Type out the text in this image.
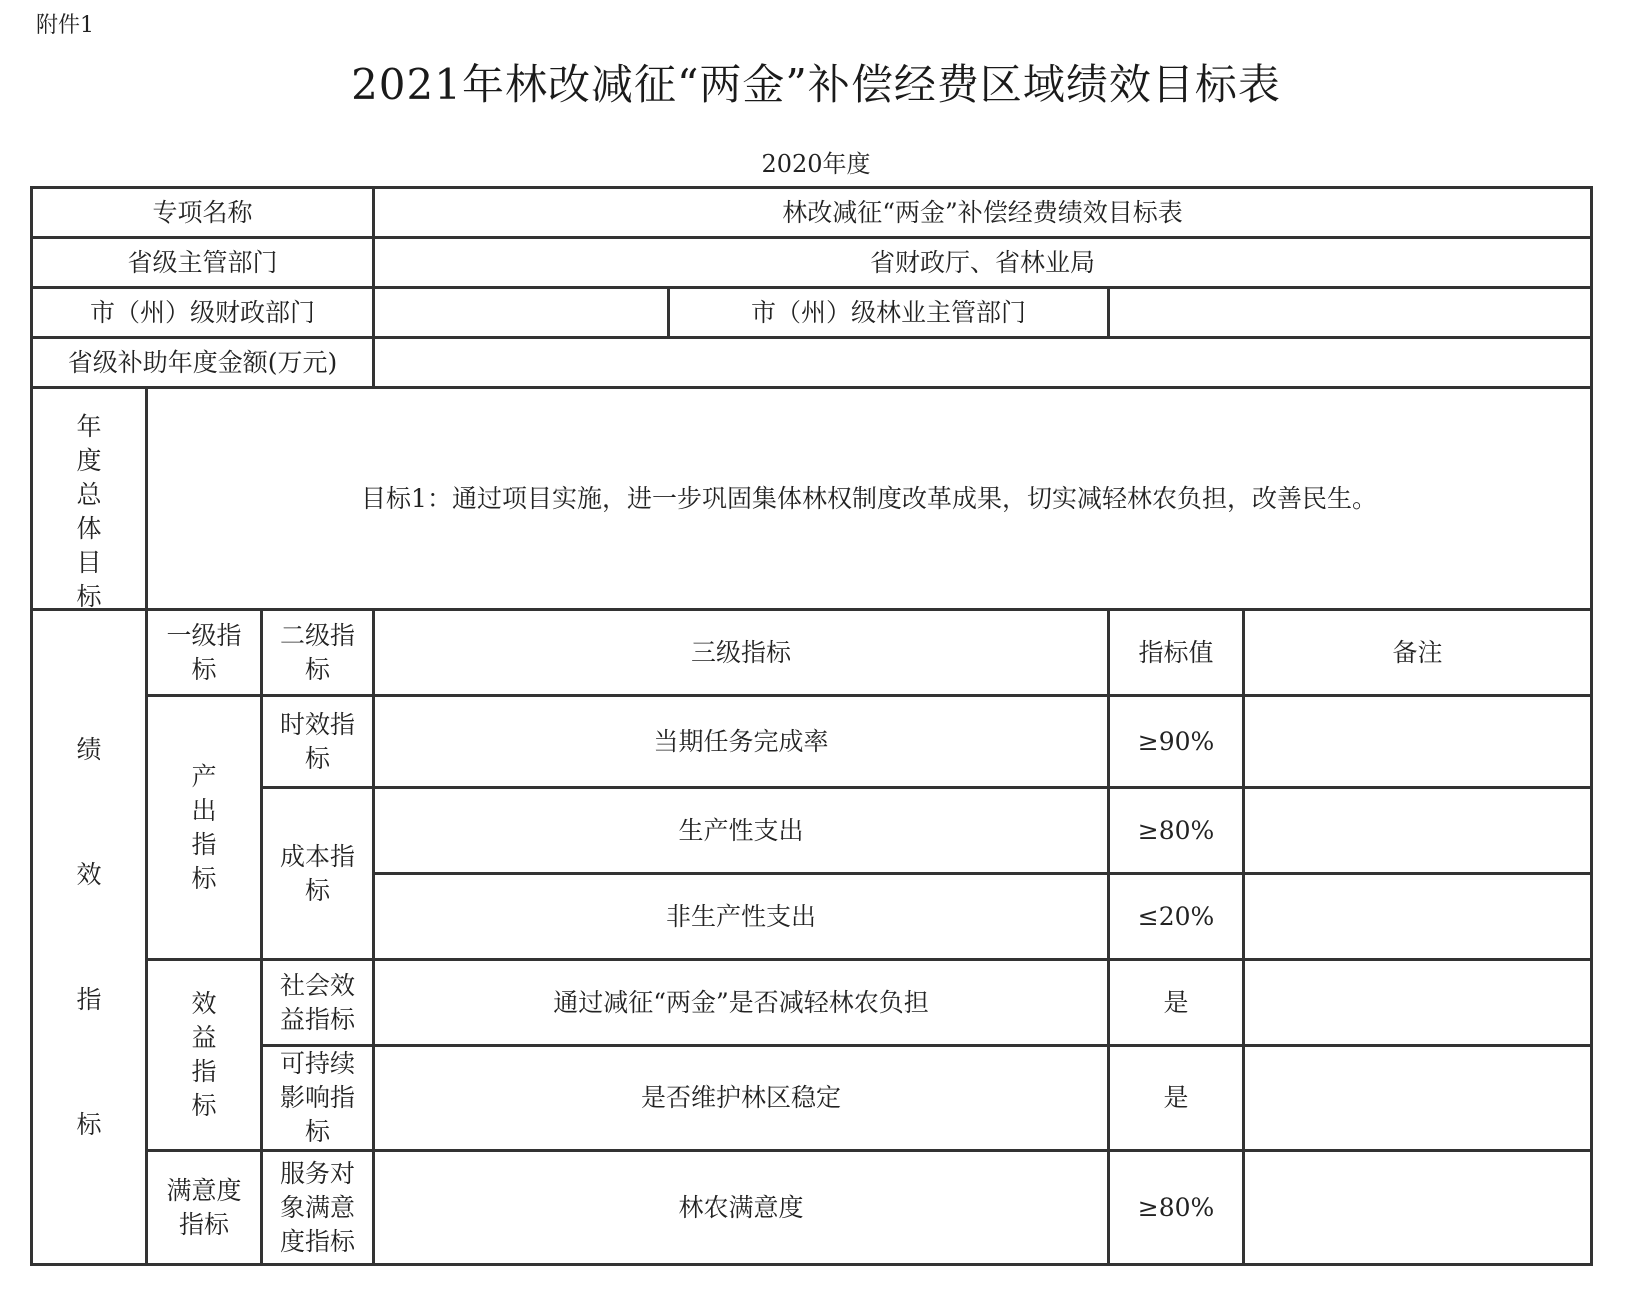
附件1
2021年林改减征“两金”补偿经费区域绩效目标表
2020年度
专项名称			林改减征“两金”补偿经费绩效目标表			
省级主管部门			省财政厅、省林业局			
市（州）级财政部门				市（州）级林业主管部门		
省级补助年度金额(万元)						

年度总体目标	目标1：通过项目实施，进一步巩固集体林权制度改革成果，切实减轻林农负担，改善民生。					
绩效指标	一级指标	二级指标	三级指标		指标值	备注
	产出指标	时效指标	当期任务完成率		≥90%	
		成本指标	生产性支出		≥80%	
			非生产性支出		≤20%	
	效益指标	社会效益指标	通过减征“两金”是否减轻林农负担		是	
		可持续影响指标	是否维护林区稳定		是	
	满意度指标	服务对象满意度指标	林农满意度		≥80%	
